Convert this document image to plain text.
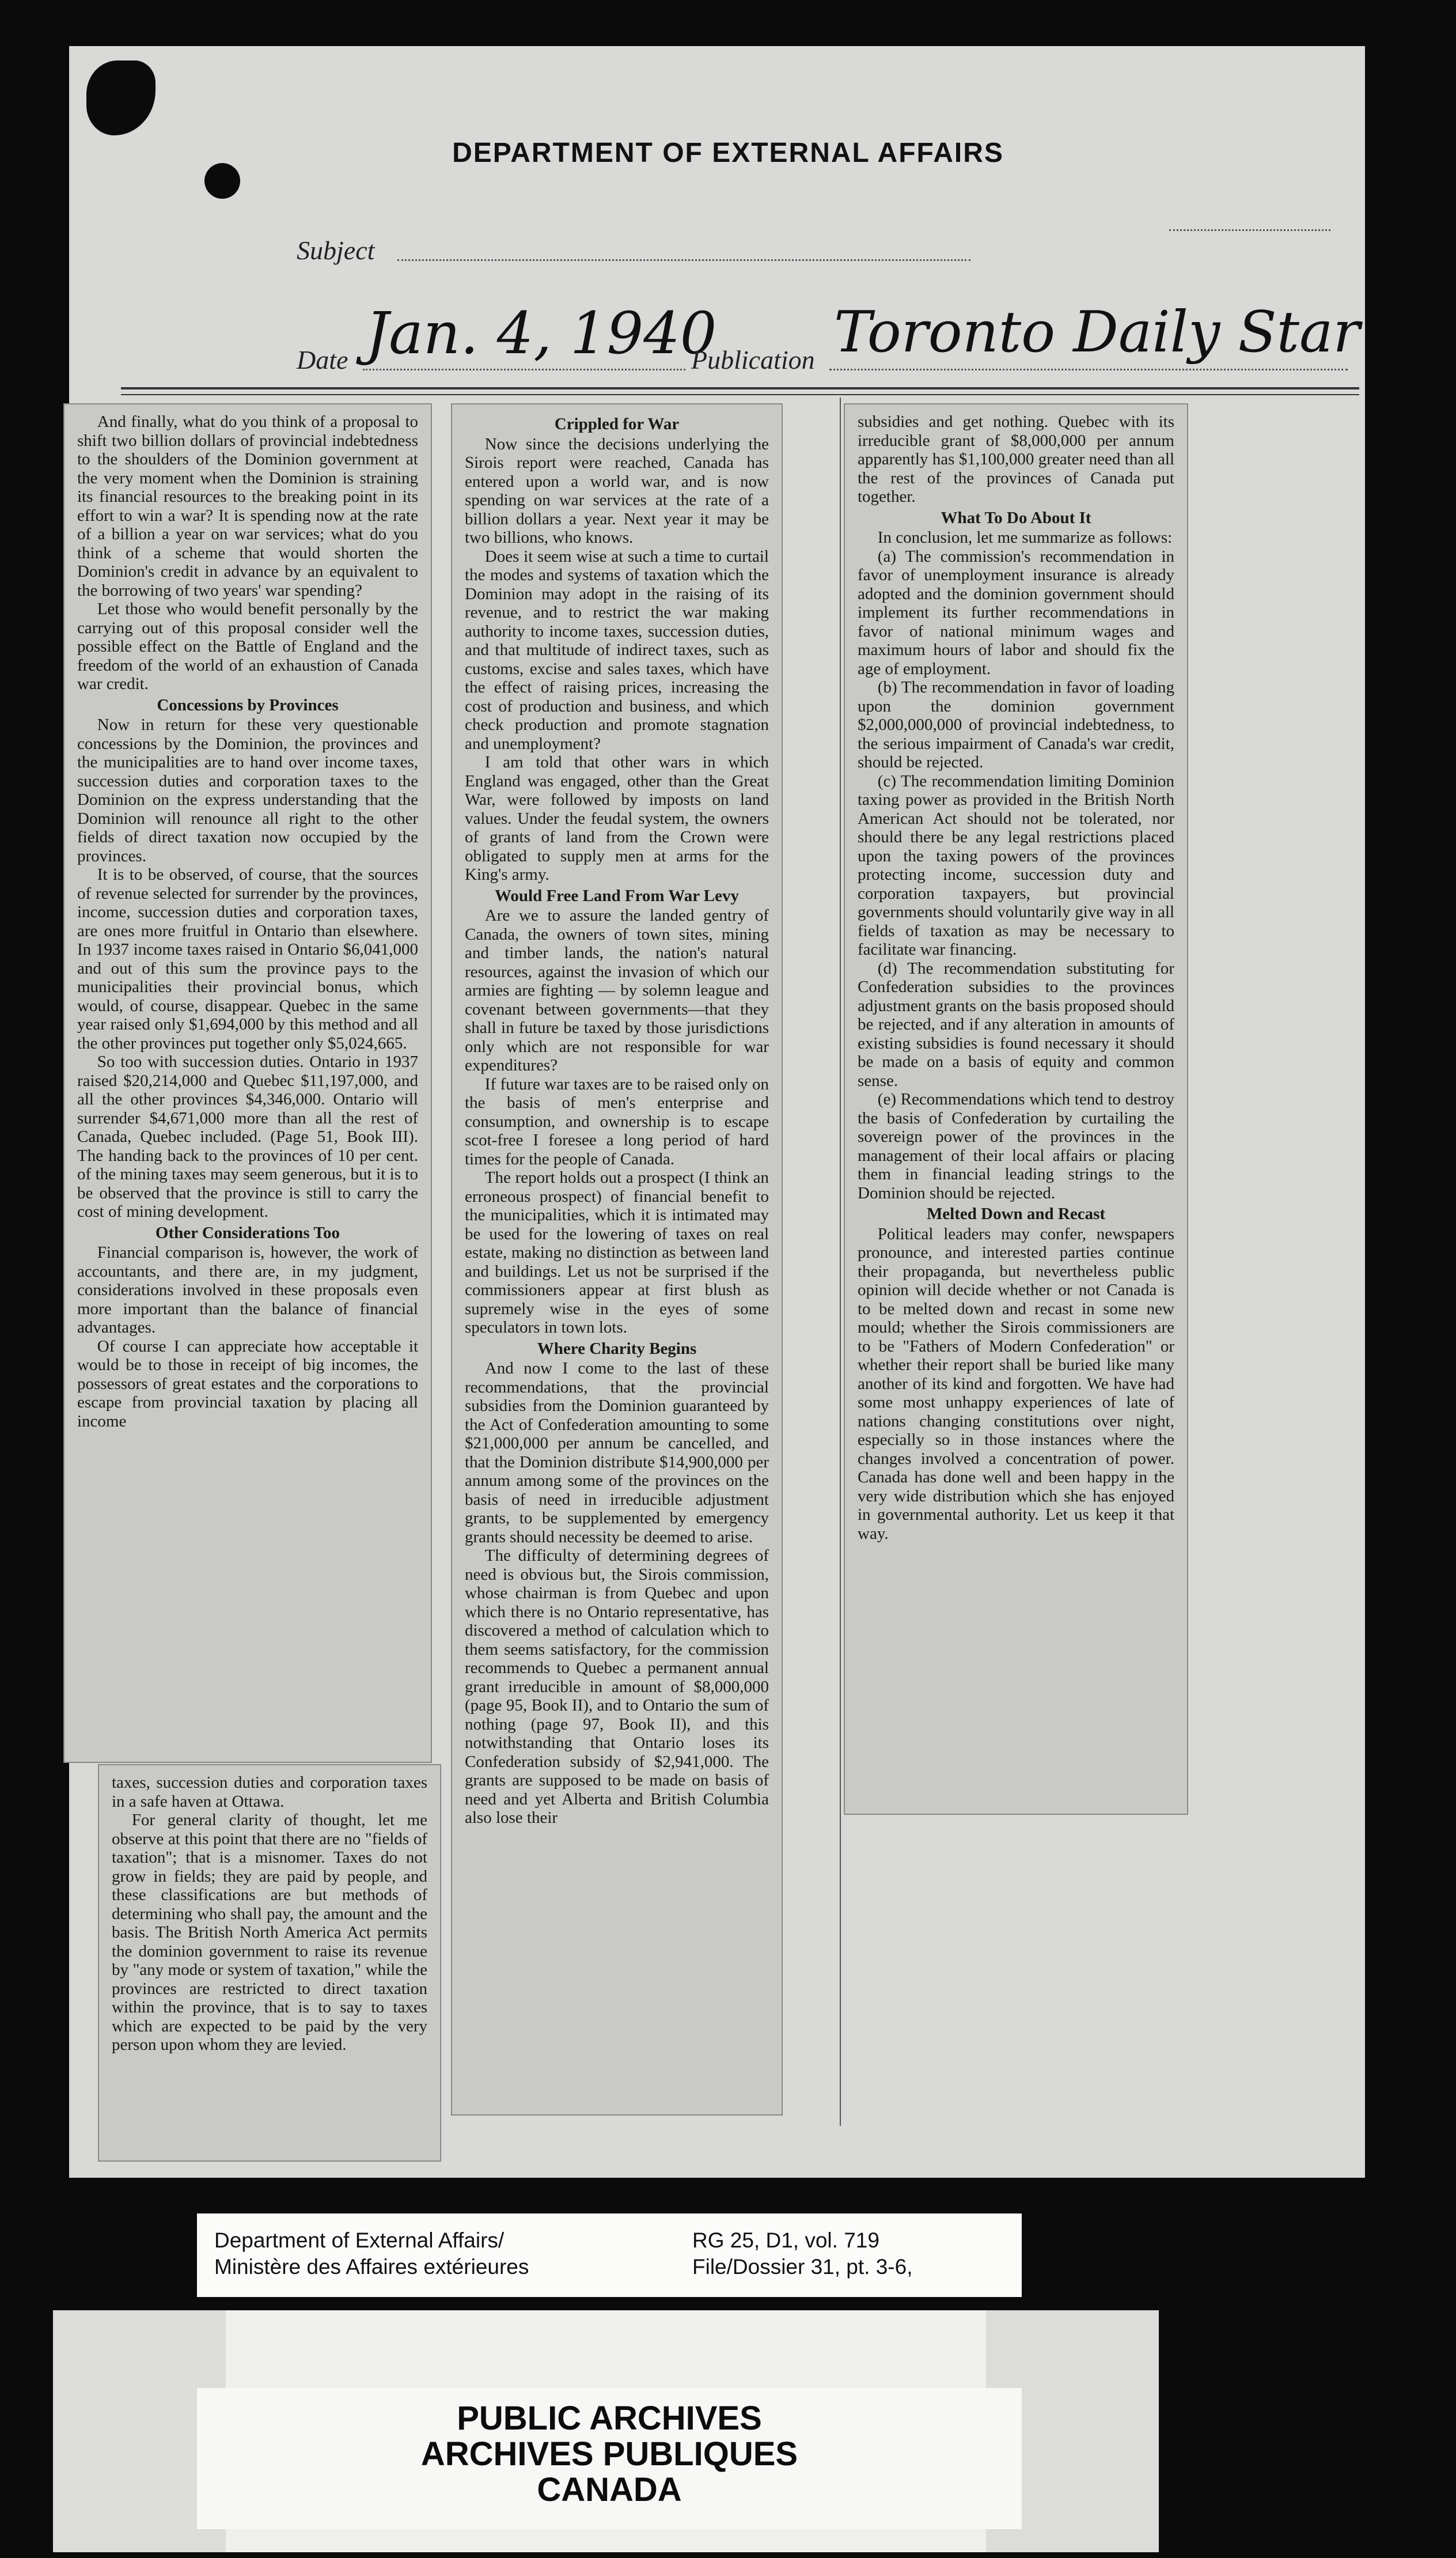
DEPARTMENT OF EXTERNAL AFFAIRS
Subject
Date Jan. 4, 1940
Publication Toronto Daily Star

And finally, what do you think of a proposal to shift two billion dollars of provincial indebtedness to the shoulders of the Dominion government at the very moment when the Dominion is straining its financial resources to the breaking point in its effort to win a war? It is spending now at the rate of a billion a year on war services; what do you think of a scheme that would shorten the Dominion's credit in advance by an equivalent to the borrowing of two years' war spending?

Let those who would benefit personally by the carrying out of this proposal consider well the possible effect on the Battle of England and the freedom of the world of an exhaustion of Canada war credit.

Concessions by Provinces

Now in return for these very questionable concessions by the Dominion, the provinces and the municipalities are to hand over income taxes, succession duties and corporation taxes to the Dominion on the express understanding that the Dominion will renounce all right to the other fields of direct taxation now occupied by the provinces.

It is to be observed, of course, that the sources of revenue selected for surrender by the provinces, income, succession duties and corporation taxes, are ones more fruitful in Ontario than elsewhere. In 1937 income taxes raised in Ontario $6,041,000 and out of this sum the province pays to the municipalities their provincial bonus, which would, of course, disappear. Quebec in the same year raised only $1,694,000 by this method and all the other provinces put together only $5,024,665.

So too with succession duties. Ontario in 1937 raised $20,214,000 and Quebec $11,197,000, and all the other provinces $4,346,000. Ontario will surrender $4,671,000 more than all the rest of Canada, Quebec included. (Page 51, Book III). The handing back to the provinces of 10 per cent. of the mining taxes may seem generous, but it is to be observed that the province is still to carry the cost of mining development.

Other Considerations Too

Financial comparison is, however, the work of accountants, and there are, in my judgment, considerations involved in these proposals even more important than the balance of financial advantages.

Of course I can appreciate how acceptable it would be to those in receipt of big incomes, the possessors of great estates and the corporations to escape from provincial taxation by placing all income

taxes, succession duties and corporation taxes in a safe haven at Ottawa.

For general clarity of thought, let me observe at this point that there are no "fields of taxation"; that is a misnomer. Taxes do not grow in fields; they are paid by people, and these classifications are but methods of determining who shall pay, the amount and the basis. The British North America Act permits the dominion government to raise its revenue by "any mode or system of taxation," while the provinces are restricted to direct taxation within the province, that is to say to taxes which are expected to be paid by the very person upon whom they are levied.

Crippled for War

Now since the decisions underlying the Sirois report were reached, Canada has entered upon a world war, and is now spending on war services at the rate of a billion dollars a year. Next year it may be two billions, who knows.

Does it seem wise at such a time to curtail the modes and systems of taxation which the Dominion may adopt in the raising of its revenue, and to restrict the war making authority to income taxes, succession duties, and that multitude of indirect taxes, such as customs, excise and sales taxes, which have the effect of raising prices, increasing the cost of production and business, and which check production and promote stagnation and unemployment?

I am told that other wars in which England was engaged, other than the Great War, were followed by imposts on land values. Under the feudal system, the owners of grants of land from the Crown were obligated to supply men at arms for the King's army.

Would Free Land From War Levy

Are we to assure the landed gentry of Canada, the owners of town sites, mining and timber lands, the nation's natural resources, against the invasion of which our armies are fighting — by solemn league and covenant between governments—that they shall in future be taxed by those jurisdictions only which are not responsible for war expenditures?

If future war taxes are to be raised only on the basis of men's enterprise and consumption, and ownership is to escape scot-free I foresee a long period of hard times for the people of Canada.

The report holds out a prospect (I think an erroneous prospect) of financial benefit to the municipalities, which it is intimated may be used for the lowering of taxes on real estate, making no distinction as between land and buildings. Let us not be surprised if the commissioners appear at first blush as supremely wise in the eyes of some speculators in town lots.

Where Charity Begins

And now I come to the last of these recommendations, that the provincial subsidies from the Dominion guaranteed by the Act of Confederation amounting to some $21,000,000 per annum be cancelled, and that the Dominion distribute $14,900,000 per annum among some of the provinces on the basis of need in irreducible adjustment grants, to be supplemented by emergency grants should necessity be deemed to arise.

The difficulty of determining degrees of need is obvious but, the Sirois commission, whose chairman is from Quebec and upon which there is no Ontario representative, has discovered a method of calculation which to them seems satisfactory, for the commission recommends to Quebec a permanent annual grant irreducible in amount of $8,000,000 (page 95, Book II), and to Ontario the sum of nothing (page 97, Book II), and this notwithstanding that Ontario loses its Confederation subsidy of $2,941,000. The grants are supposed to be made on basis of need and yet Alberta and British Columbia also lose their

subsidies and get nothing. Quebec with its irreducible grant of $8,000,000 per annum apparently has $1,100,000 greater need than all the rest of the provinces of Canada put together.

What To Do About It

In conclusion, let me summarize as follows:

(a) The commission's recommendation in favor of unemployment insurance is already adopted and the dominion government should implement its further recommendations in favor of national minimum wages and maximum hours of labor and should fix the age of employment.

(b) The recommendation in favor of loading upon the dominion government $2,000,000,000 of provincial indebtedness, to the serious impairment of Canada's war credit, should be rejected.

(c) The recommendation limiting Dominion taxing power as provided in the British North American Act should not be tolerated, nor should there be any legal restrictions placed upon the taxing powers of the provinces protecting income, succession duty and corporation taxpayers, but provincial governments should voluntarily give way in all fields of taxation as may be necessary to facilitate war financing.

(d) The recommendation substituting for Confederation subsidies to the provinces adjustment grants on the basis proposed should be rejected, and if any alteration in amounts of existing subsidies is found necessary it should be made on a basis of equity and common sense.

(e) Recommendations which tend to destroy the basis of Confederation by curtailing the sovereign power of the provinces in the management of their local affairs or placing them in financial leading strings to the Dominion should be rejected.

Melted Down and Recast

Political leaders may confer, newspapers pronounce, and interested parties continue their propaganda, but nevertheless public opinion will decide whether or not Canada is to be melted down and recast in some new mould; whether the Sirois commissioners are to be "Fathers of Modern Confederation" or whether their report shall be buried like many another of its kind and forgotten. We have had some most unhappy experiences of late of nations changing constitutions over night, especially so in those instances where the changes involved a concentration of power. Canada has done well and been happy in the very wide distribution which she has enjoyed in governmental authority. Let us keep it that way.

Department of External Affairs/
Ministère des Affaires extérieures
RG 25, D1, vol. 719
File/Dossier 31, pt. 3-6,
PUBLIC ARCHIVES
ARCHIVES PUBLIQUES
CANADA
